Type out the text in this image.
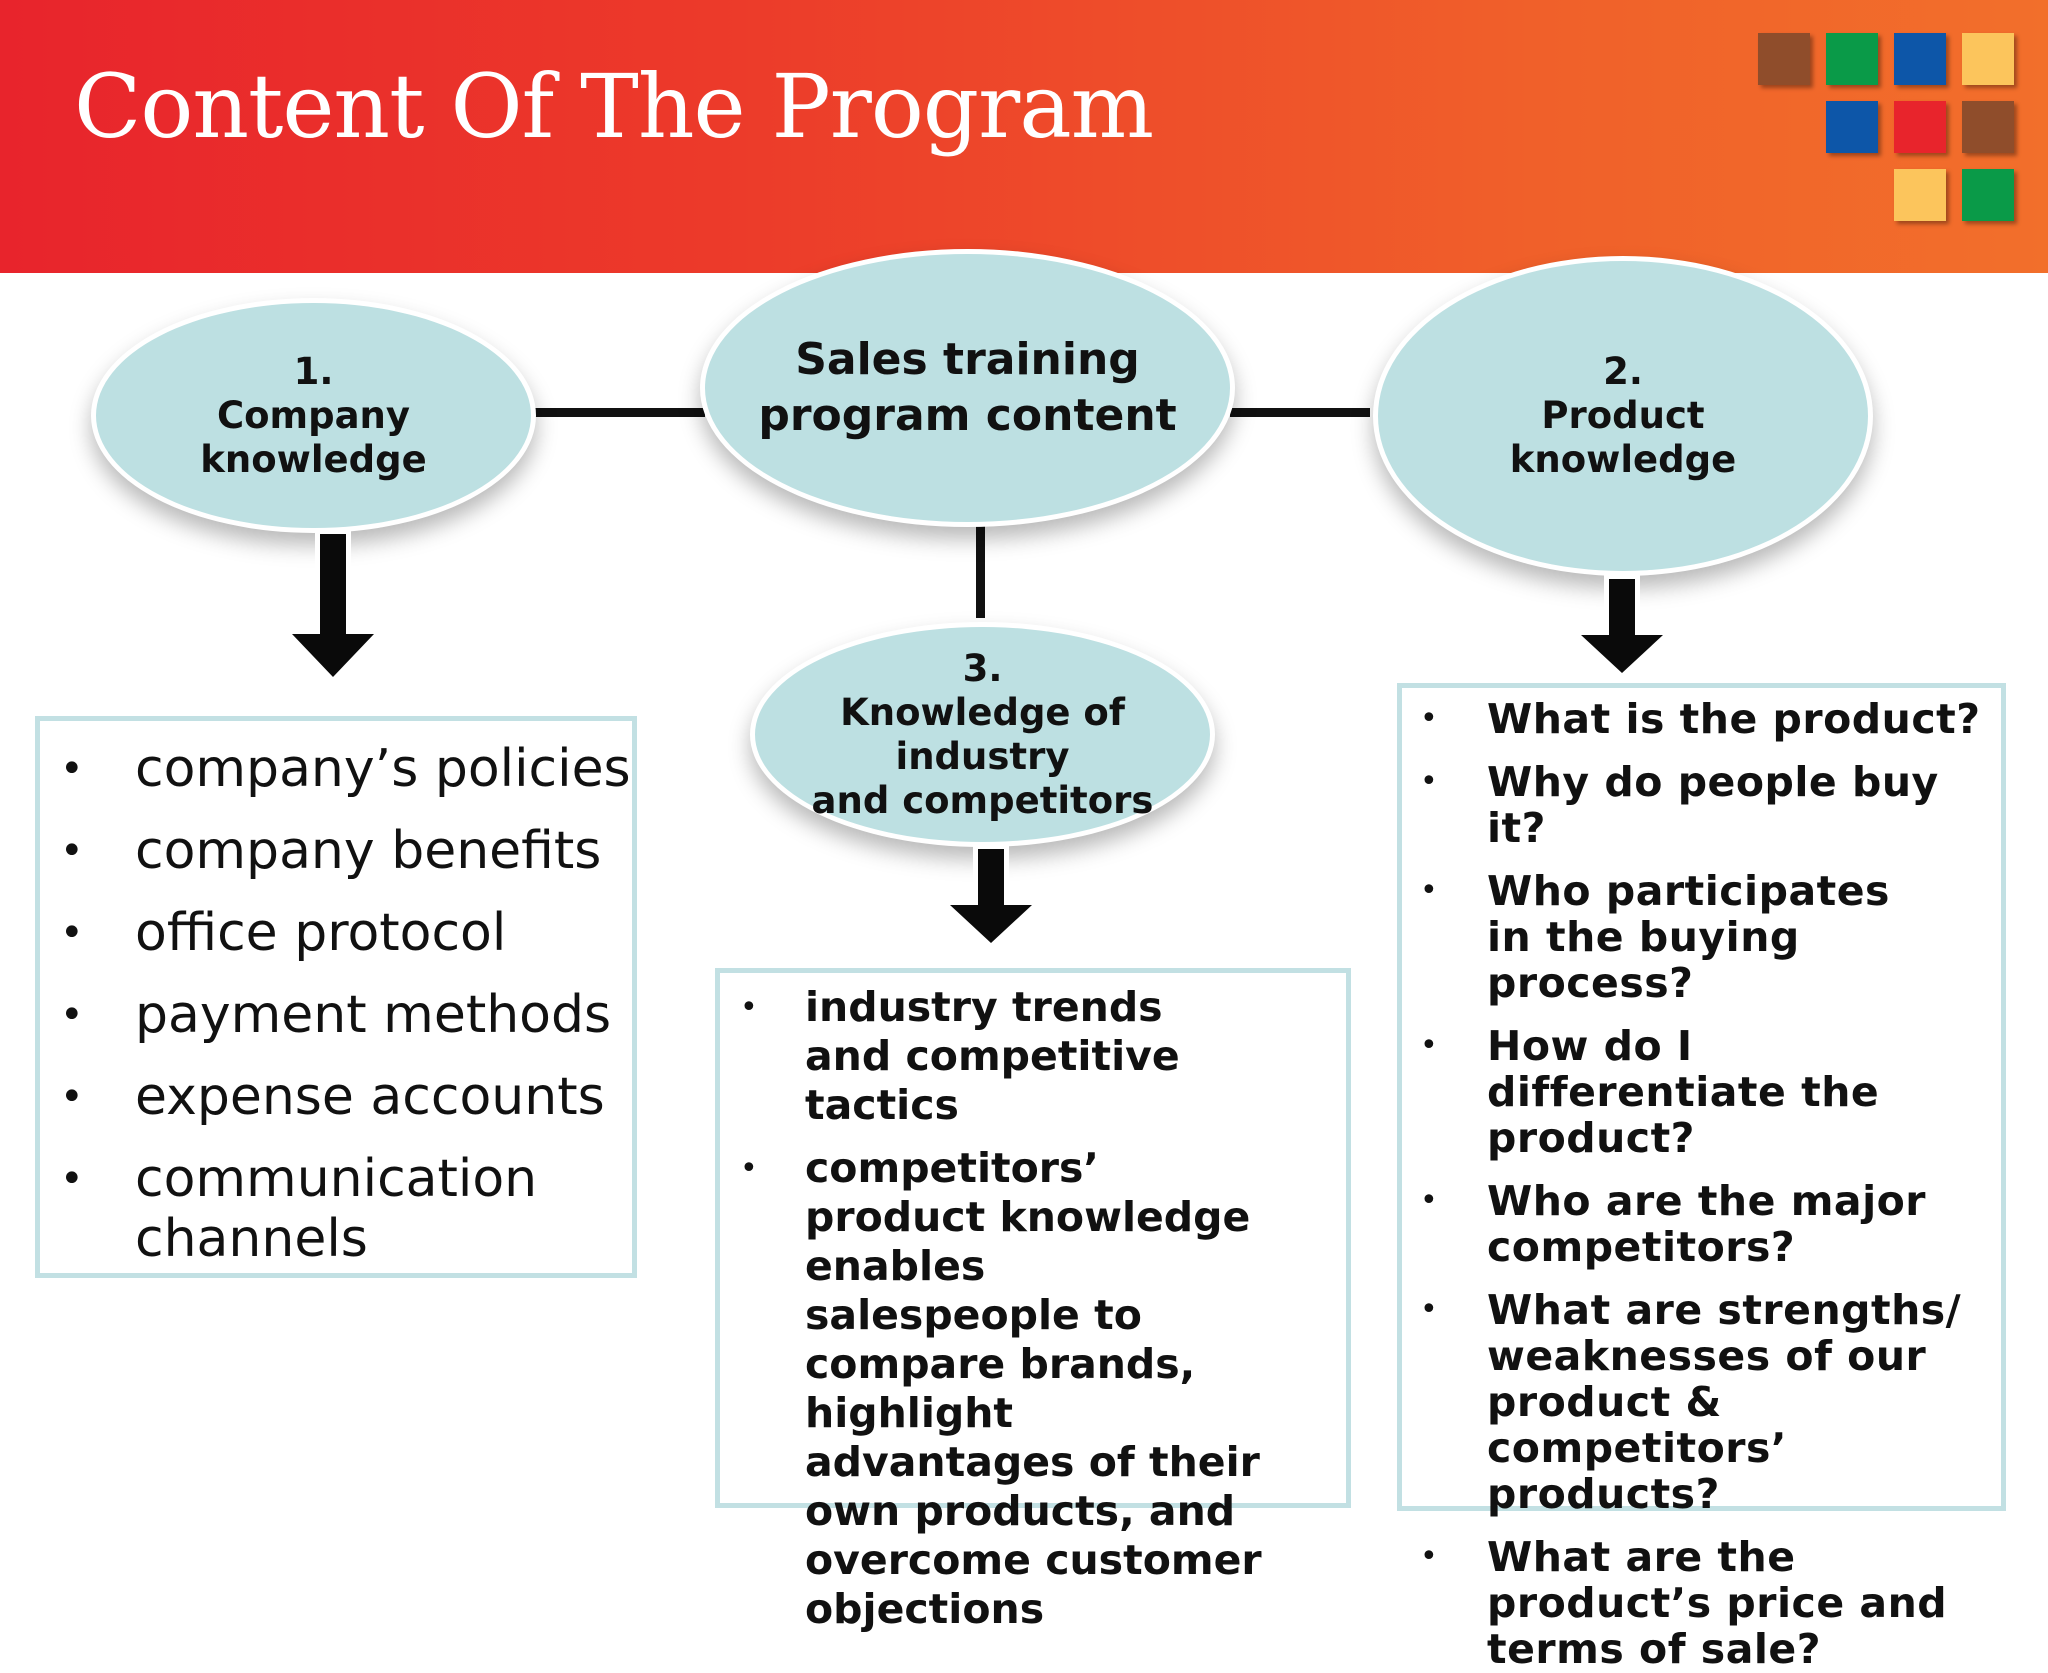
Content Of The Program
Sales training
program content
1.
Company
knowledge
2.
Product
knowledge
3.
Knowledge of industry
and competitors
• company’s policies
• company benefits
• office protocol
• payment methods
• expense accounts
• communication channels
• industry trends and competitive tactics
• competitors’ product knowledge enables salespeople to compare brands, highlight advantages of their own products, and overcome customer objections
• What is the product?
• Why do people buy it?
• Who participates in the buying process?
• How do I differentiate the product?
• Who are the major competitors?
• What are strengths/ weaknesses of our product & competitors’ products?
• What are the product’s price and terms of sale?
